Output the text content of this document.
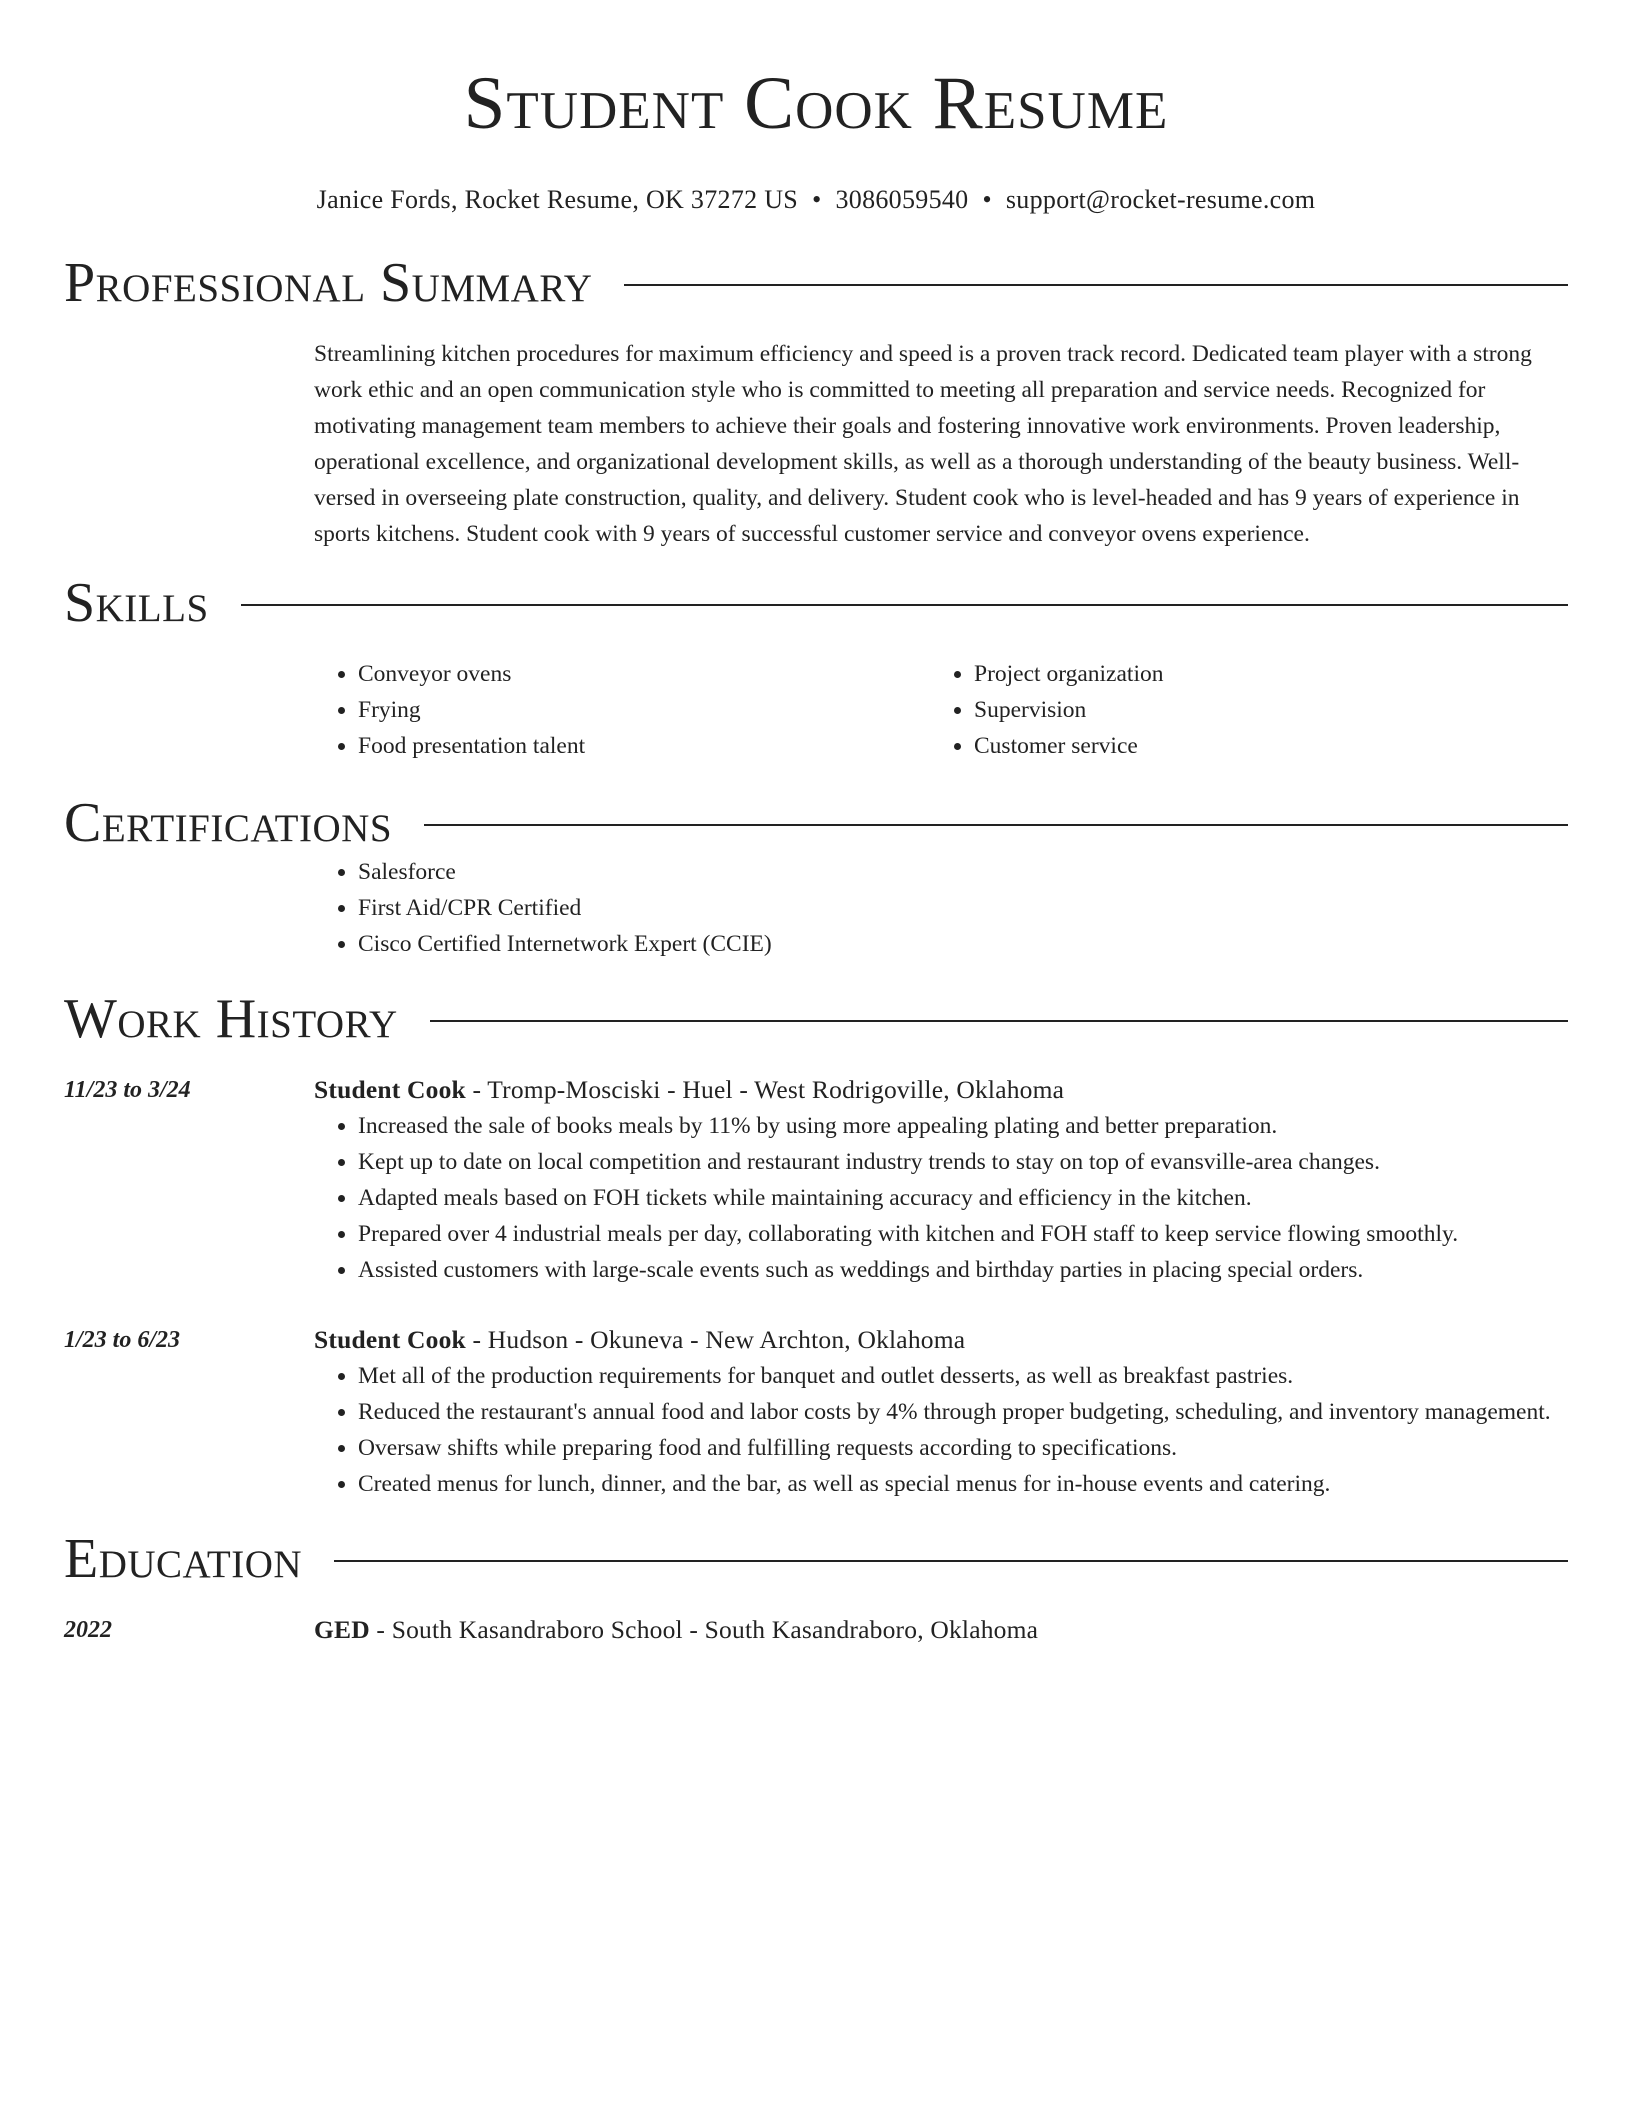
Student Cook Resume
Janice Fords, Rocket Resume, OK 37272 US • 3086059540 • support@rocket-resume.com
Professional Summary

Streamlining kitchen procedures for maximum efficiency and speed is a proven track record. Dedicated team player with a strong work ethic and an open communication style who is committed to meeting all preparation and service needs. Recognized for motivating management team members to achieve their goals and fostering innovative work environments. Proven leadership, operational excellence, and organizational development skills, as well as a thorough understanding of the beauty business. Well-versed in overseeing plate construction, quality, and delivery. Student cook who is level-headed and has 9 years of experience in sports kitchens. Student cook with 9 years of successful customer service and conveyor ovens experience.

Skills
• Conveyor ovens
• Frying
• Food presentation talent
• Project organization
• Supervision
• Customer service
Certifications
• Salesforce
• First Aid/CPR Certified
• Cisco Certified Internetwork Expert (CCIE)
Work History
11/23 to 3/24	Student Cook - Tromp-Mosciski - Huel - West Rodrigoville, Oklahoma
• Increased the sale of books meals by 11% by using more appealing plating and better preparation.
• Kept up to date on local competition and restaurant industry trends to stay on top of evansville-area changes.
• Adapted meals based on FOH tickets while maintaining accuracy and efficiency in the kitchen.
• Prepared over 4 industrial meals per day, collaborating with kitchen and FOH staff to keep service flowing smoothly.
• Assisted customers with large-scale events such as weddings and birthday parties in placing special orders.
1/23 to 6/23	Student Cook - Hudson - Okuneva - New Archton, Oklahoma
• Met all of the production requirements for banquet and outlet desserts, as well as breakfast pastries.
• Reduced the restaurant's annual food and labor costs by 4% through proper budgeting, scheduling, and inventory management.
• Oversaw shifts while preparing food and fulfilling requests according to specifications.
• Created menus for lunch, dinner, and the bar, as well as special menus for in-house events and catering.
Education
2022	GED - South Kasandraboro School - South Kasandraboro, Oklahoma
